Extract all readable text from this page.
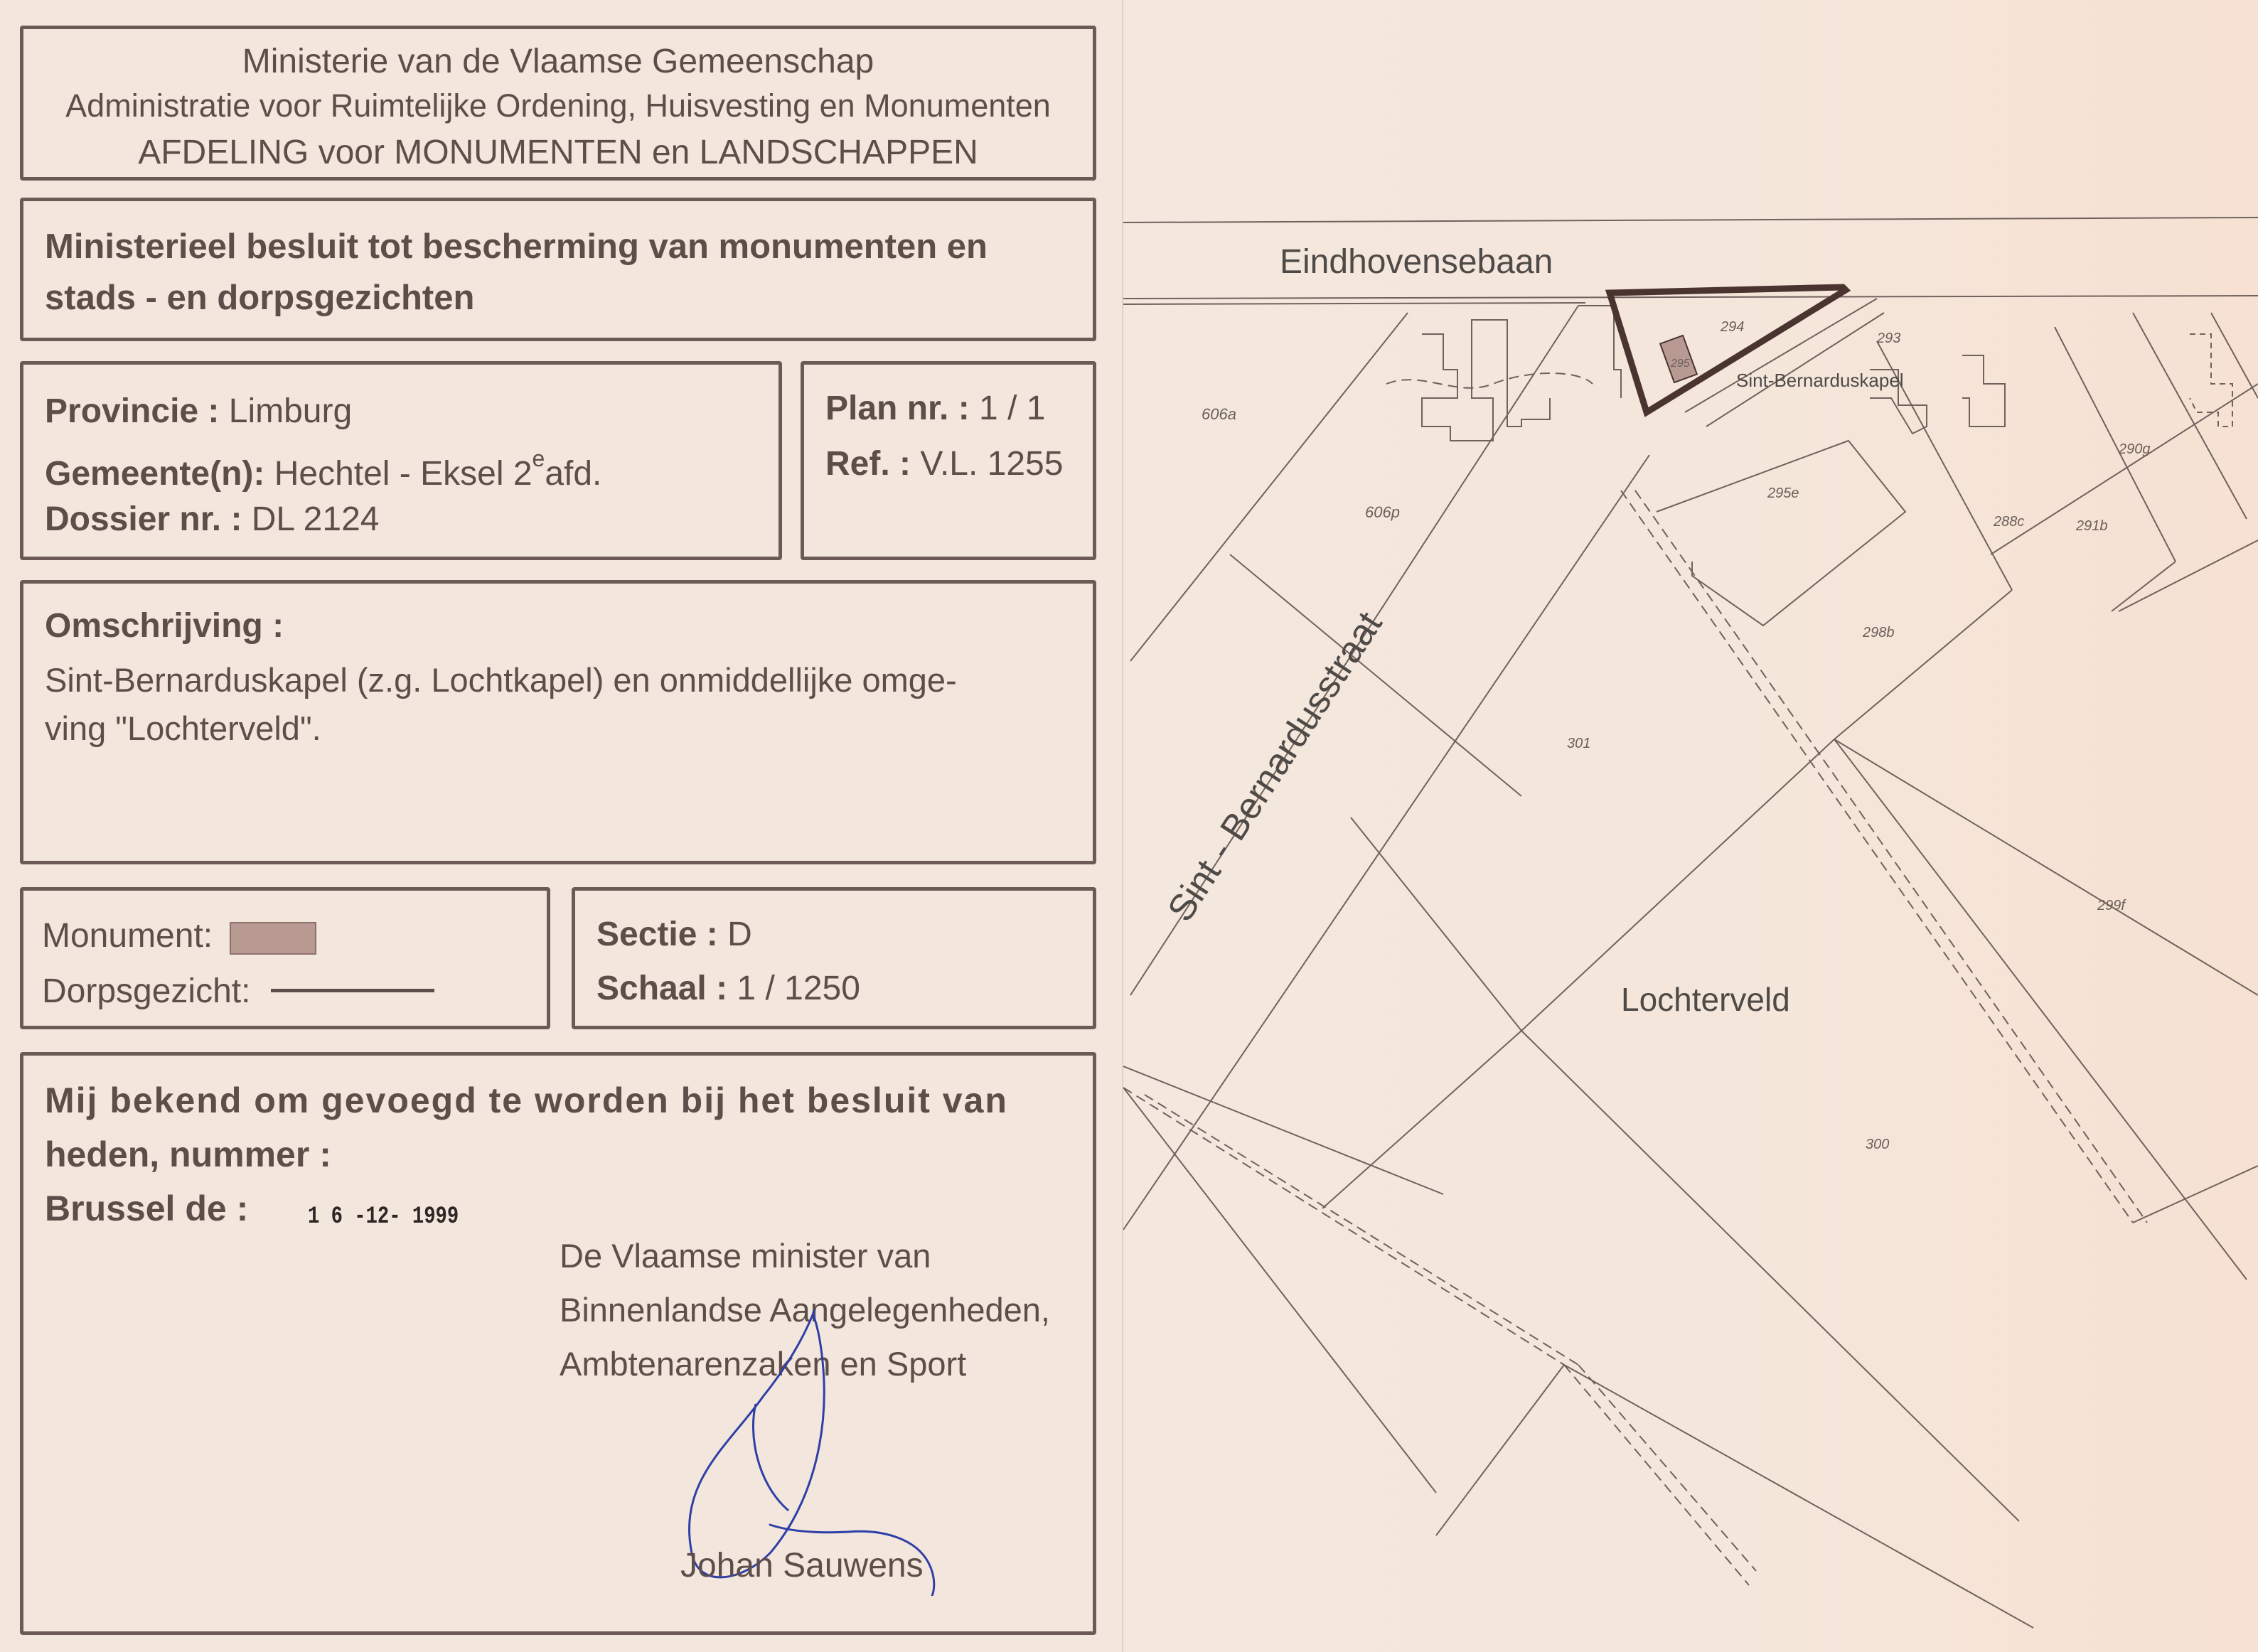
Ministerie van de Vlaamse Gemeenschap
Administratie voor Ruimtelijke Ordening, Huisvesting en Monumenten
AFDELING voor MONUMENTEN en LANDSCHAPPEN
Ministerieel besluit tot bescherming van monumenten en
stads - en dorpsgezichten
Provincie : Limburg
Gemeente(n): Hechtel - Eksel 2eafd.
Dossier nr. : DL 2124
Plan nr. : 1 / 1
Ref. : V.L. 1255
Omschrijving :
Sint-Bernarduskapel (z.g. Lochtkapel) en onmiddellijke omge-
ving "Lochterveld".
Monument:
Dorpsgezicht:
Sectie : D
Schaal : 1 / 1250
Mij bekend om gevoegd te worden bij het besluit van
heden, nummer :
Brussel de : 1 6 -12- 1999
De Vlaamse minister van
Binnenlandse Aangelegenheden,
Ambtenarenzaken en Sport
Johan Sauwens
Eindhovensebaan
Sint - Bernardusstraat
Sint-Bernarduskapel
Lochterveld
606a
606p
294
295
293
295e
288c	291b
290g
298b
301
299f
300
